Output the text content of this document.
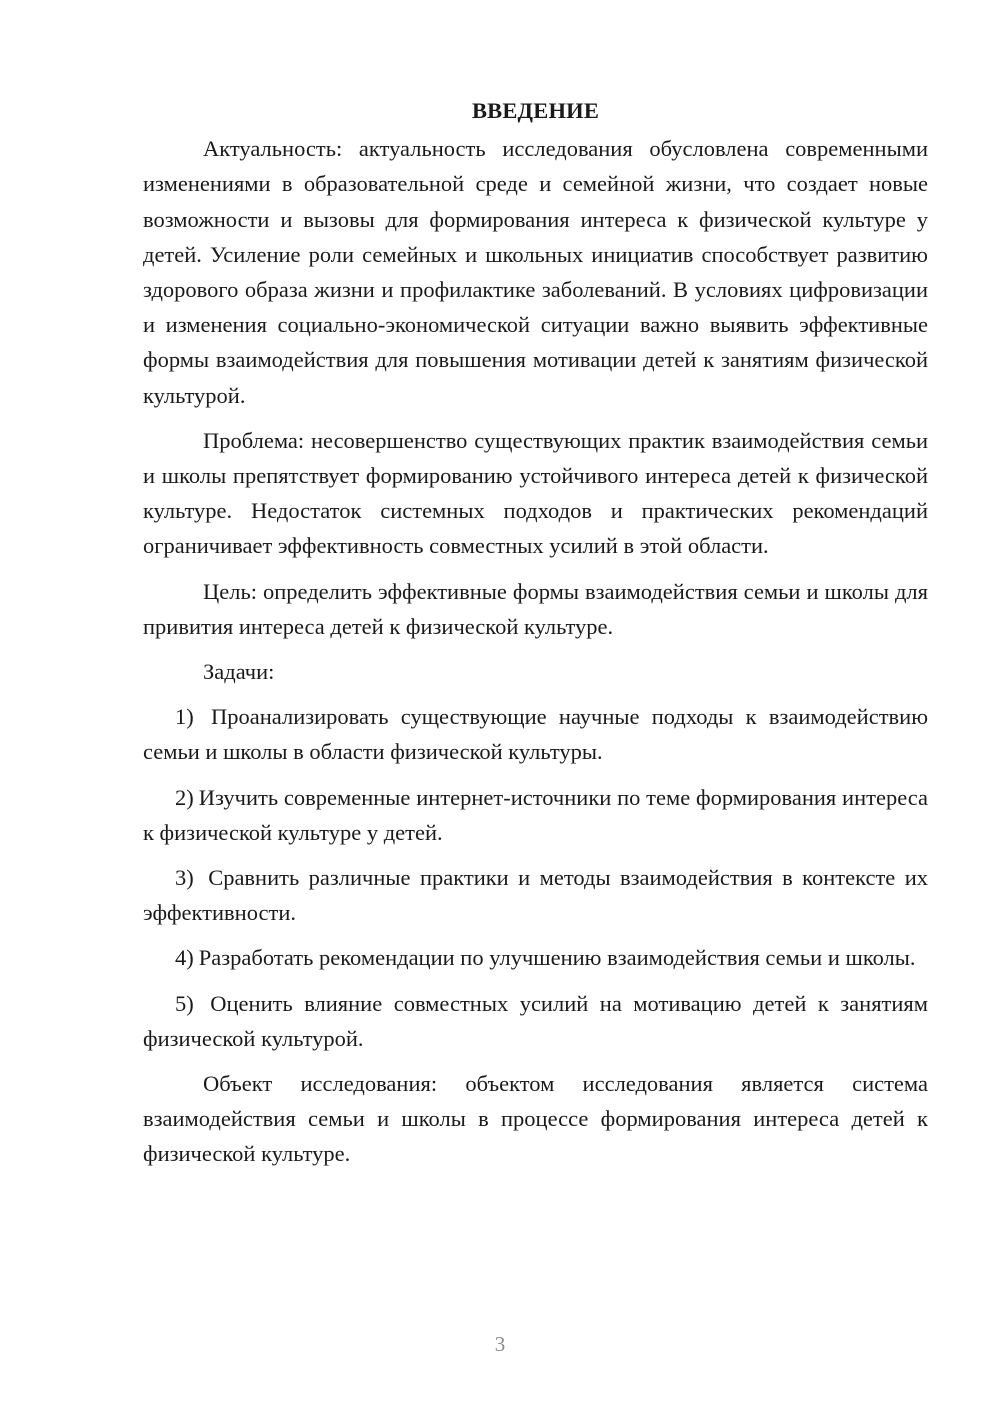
ВВЕДЕНИЕ

Актуальность: актуальность исследования обусловлена современными изменениями в образовательной среде и семейной жизни, что создает новые возможности и вызовы для формирования интереса к физической культуре у детей. Усиление роли семейных и школьных инициатив способствует развитию здорового образа жизни и профилактике заболеваний. В условиях цифровизации и изменения социально-экономической ситуации важно выявить эффективные формы взаимодействия для повышения мотивации детей к занятиям физической культурой.

Проблема: несовершенство существующих практик взаимодействия семьи и школы препятствует формированию устойчивого интереса детей к физической культуре. Недостаток системных подходов и практических рекомендаций ограничивает эффективность совместных усилий в этой области.

Цель: определить эффективные формы взаимодействия семьи и школы для привития интереса детей к физической культуре.

Задачи:

1) Проанализировать существующие научные подходы к взаимодействию семьи и школы в области физической культуры.

2) Изучить современные интернет-источники по теме формирования интереса к физической культуре у детей.

3) Сравнить различные практики и методы взаимодействия в контексте их эффективности.

4) Разработать рекомендации по улучшению взаимодействия семьи и школы.

5) Оценить влияние совместных усилий на мотивацию детей к занятиям физической культурой.

Объект исследования: объектом исследования является система взаимодействия семьи и школы в процессе формирования интереса детей к физической культуре.

3
